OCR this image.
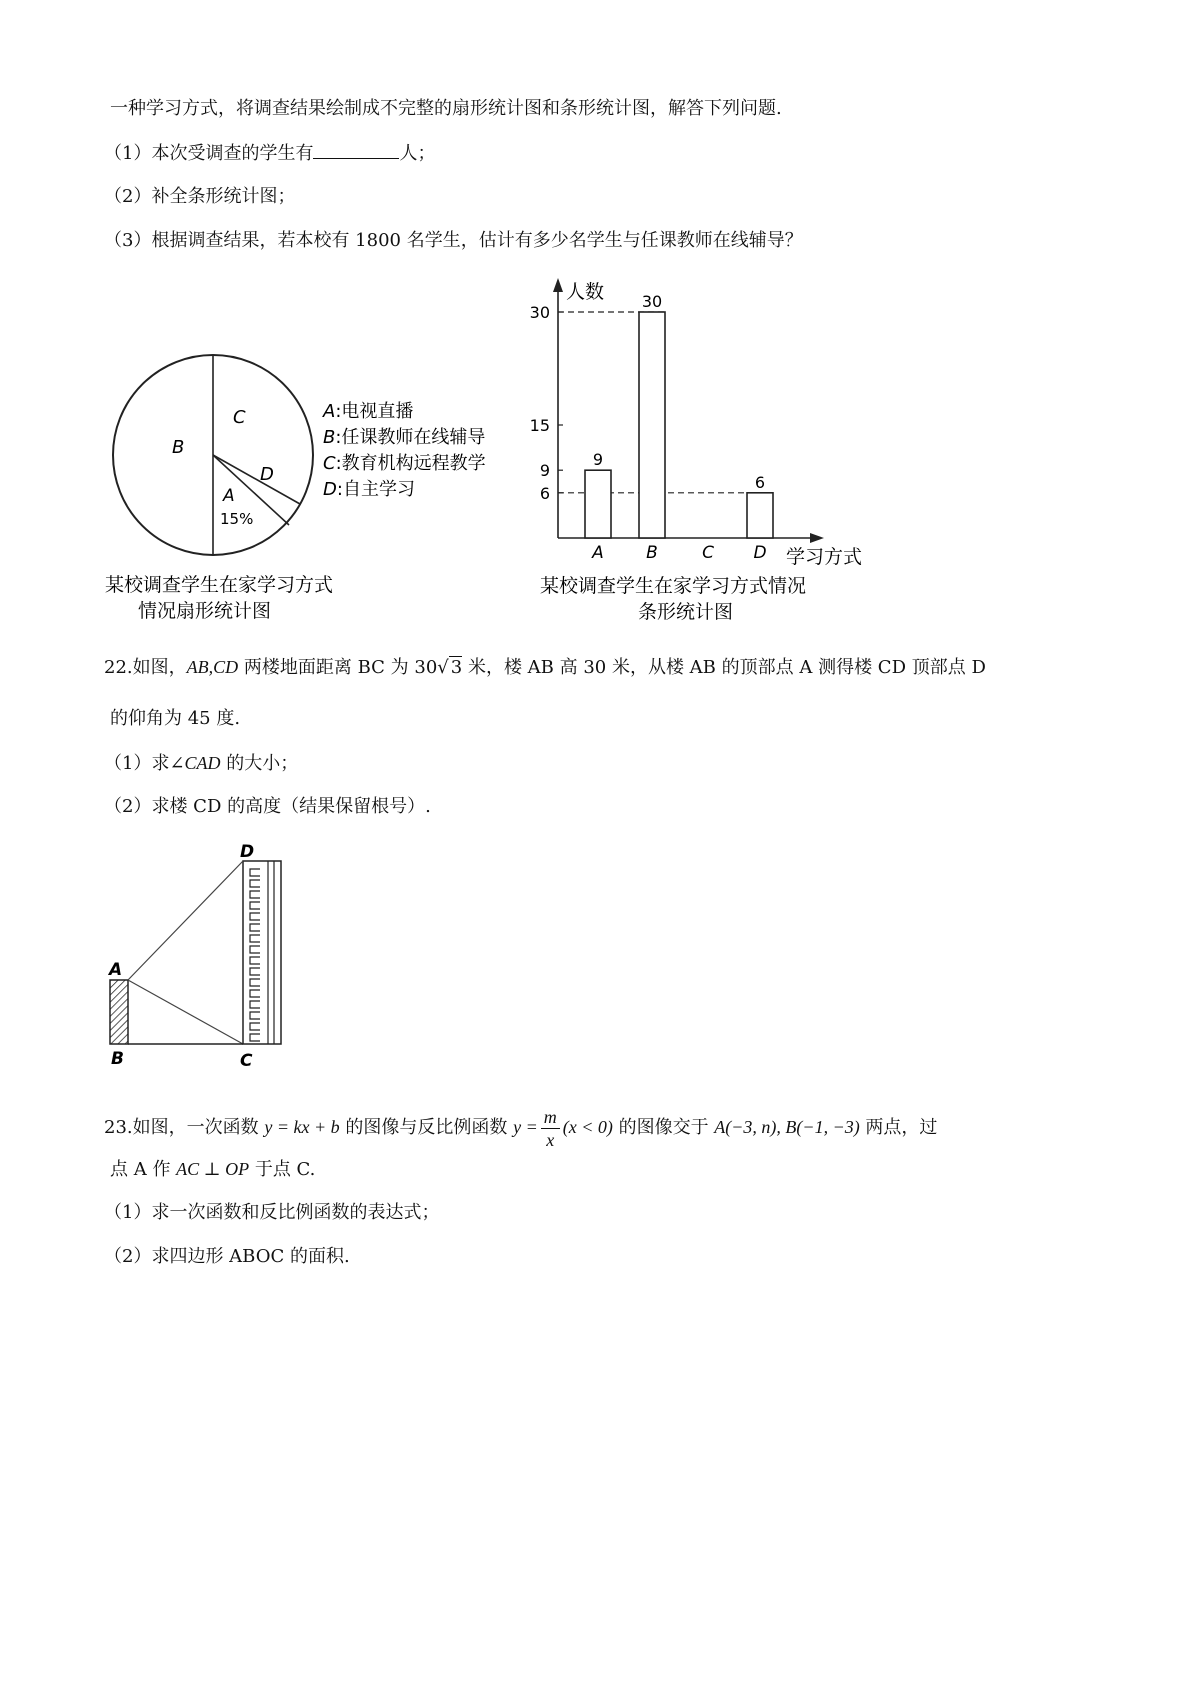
一种学习方式，将调查结果绘制成不完整的扇形统计图和条形统计图，解答下列问题.
（1）本次受调查的学生有	人；
（2）补全条形统计图；
（3）根据调查结果，若本校有 1800 名学生，估计有多少名学生与任课教师在线辅导？
C
B
D
A
15%
A:电视直播
B:任课教师在线辅导
C:教育机构远程教学
D:自主学习
某校调查学生在家学习方式
情况扇形统计图
30
15
9
6
9
A
30
B	C
6
D
人数
学习方式
某校调查学生在家学习方式情况
条形统计图
22.如图，AB,CD 两楼地面距离 BC 为 30√ 3 米，楼 AB 高 30 米，从楼 AB 的顶部点 A 测得楼 CD 顶部点 D
的仰角为 45 度.
（1）求∠CAD 的大小；
（2）求楼 CD 的高度（结果保留根号）.
D
A
B	C
23.如图，一次函数 y = kx + b 的图像与反比例函数 $y = \frac{m}{x} (x < 0)$ 的图像交于 A(−3, n), B(−1, −3) 两点，过
点 A 作 AC ⊥ OP 于点 C.
（1）求一次函数和反比例函数的表达式；
（2）求四边形 ABOC 的面积.
